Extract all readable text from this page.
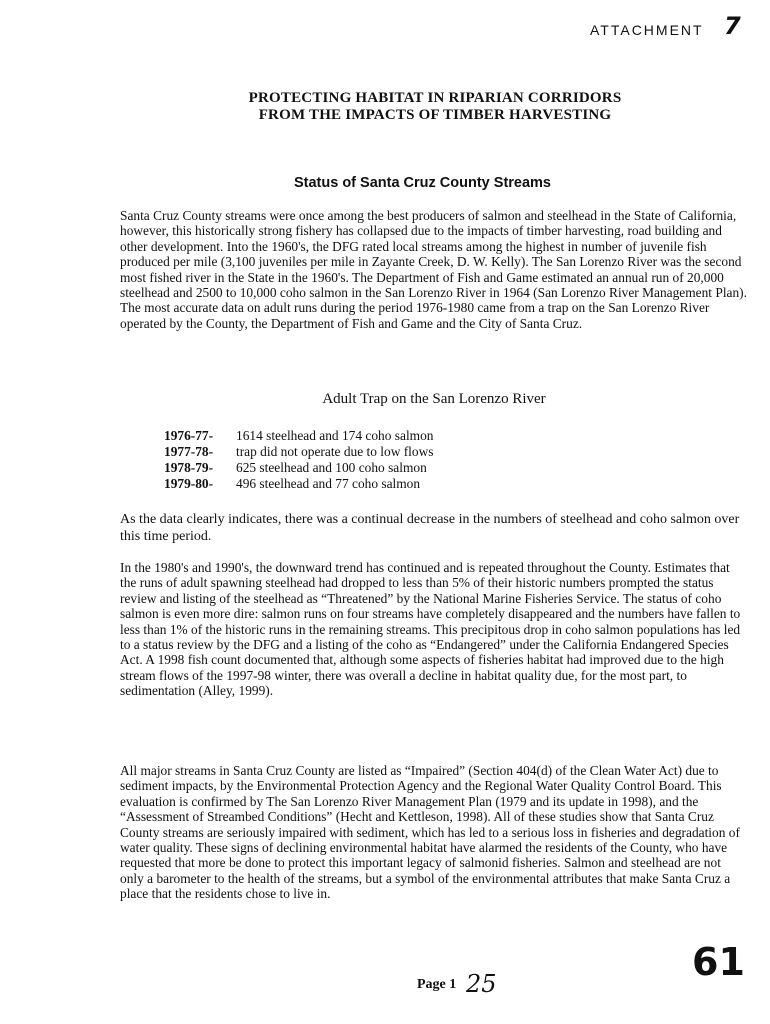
ATTACHMENT 7
PROTECTING HABITAT IN RIPARIAN CORRIDORS
FROM THE IMPACTS OF TIMBER HARVESTING
Status of Santa Cruz County Streams
Santa Cruz County streams were once among the best producers of salmon and steelhead in the State of California, however, this historically strong fishery has collapsed due to the impacts of timber harvesting, road building and other development. Into the 1960's, the DFG rated local streams among the highest in number of juvenile fish produced per mile (3,100 juveniles per mile in Zayante Creek, D. W. Kelly). The San Lorenzo River was the second most fished river in the State in the 1960's. The Department of Fish and Game estimated an annual run of 20,000 steelhead and 2500 to 10,000 coho salmon in the San Lorenzo River in 1964 (San Lorenzo River Management Plan). The most accurate data on adult runs during the period 1976-1980 came from a trap on the San Lorenzo River operated by the County, the Department of Fish and Game and the City of Santa Cruz.
Adult Trap on the San Lorenzo River
1976-77-	1614 steelhead and 174 coho salmon
1977-78-	trap did not operate due to low flows
1978-79-	625 steelhead and 100 coho salmon
1979-80-	496 steelhead and 77 coho salmon
As the data clearly indicates, there was a continual decrease in the numbers of steelhead and coho salmon over this time period.
In the 1980's and 1990's, the downward trend has continued and is repeated throughout the County. Estimates that the runs of adult spawning steelhead had dropped to less than 5% of their historic numbers prompted the status review and listing of the steelhead as “Threatened” by the National Marine Fisheries Service. The status of coho salmon is even more dire: salmon runs on four streams have completely disappeared and the numbers have fallen to less than 1% of the historic runs in the remaining streams. This precipitous drop in coho salmon populations has led to a status review by the DFG and a listing of the coho as “Endangered” under the California Endangered Species Act. A 1998 fish count documented that, although some aspects of fisheries habitat had improved due to the high stream flows of the 1997-98 winter, there was overall a decline in habitat quality due, for the most part, to sedimentation (Alley, 1999).
All major streams in Santa Cruz County are listed as “Impaired” (Section 404(d) of the Clean Water Act) due to sediment impacts, by the Environmental Protection Agency and the Regional Water Quality Control Board. This evaluation is confirmed by The San Lorenzo River Management Plan (1979 and its update in 1998), and the “Assessment of Streambed Conditions” (Hecht and Kettleson, 1998). All of these studies show that Santa Cruz County streams are seriously impaired with sediment, which has led to a serious loss in fisheries and degradation of water quality. These signs of declining environmental habitat have alarmed the residents of the County, who have requested that more be done to protect this important legacy of salmonid fisheries. Salmon and steelhead are not only a barometer to the health of the streams, but a symbol of the environmental attributes that make Santa Cruz a place that the residents chose to live in.
Page 1 25	61
